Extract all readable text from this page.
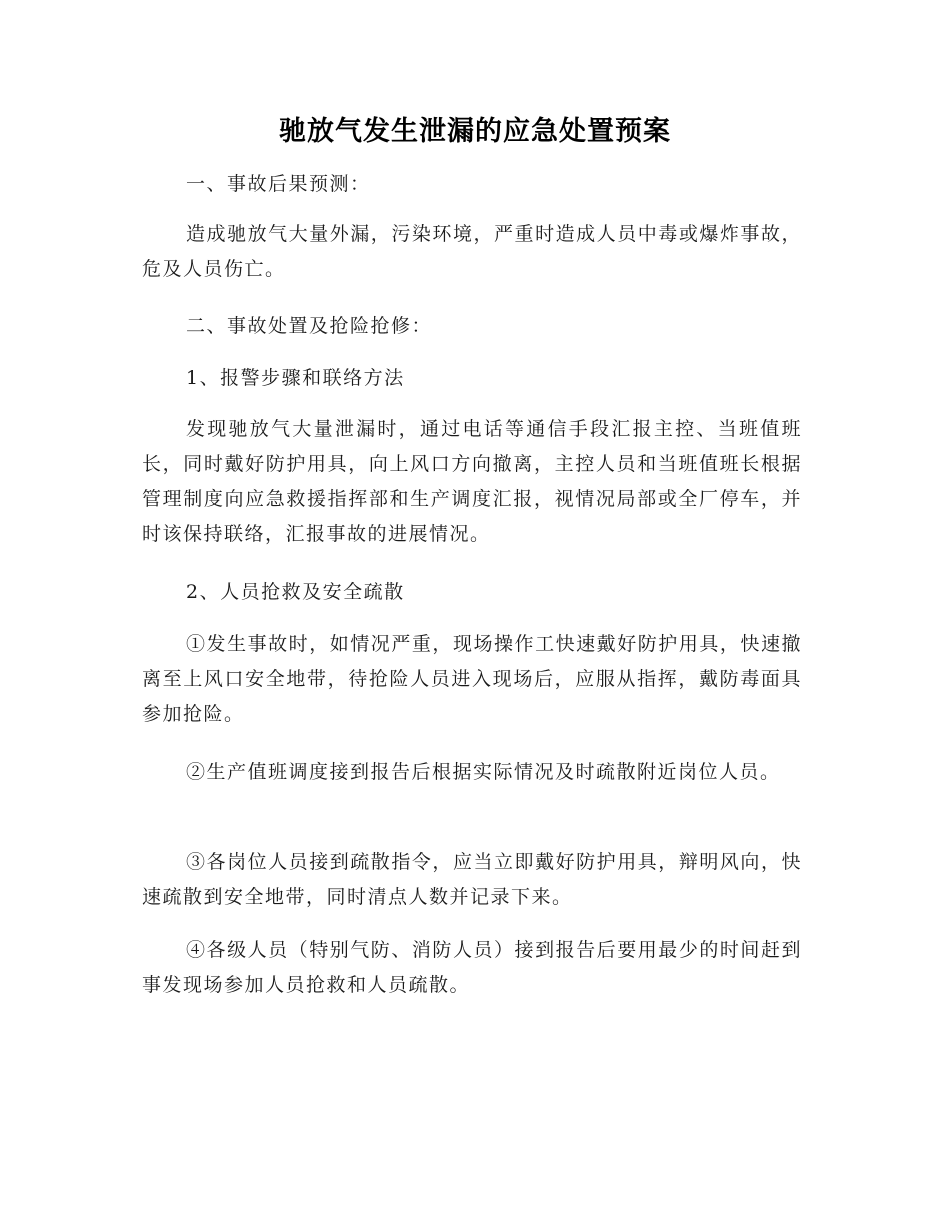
驰放气发生泄漏的应急处置预案

一、事故后果预测：

造成驰放气大量外漏，污染环境，严重时造成人员中毒或爆炸事故，危及人员伤亡。

二、事故处置及抢险抢修：

1、报警步骤和联络方法

发现驰放气大量泄漏时，通过电话等通信手段汇报主控、当班值班长，同时戴好防护用具，向上风口方向撤离，主控人员和当班值班长根据管理制度向应急救援指挥部和生产调度汇报，视情况局部或全厂停车，并时该保持联络，汇报事故的进展情况。

2、人员抢救及安全疏散

①发生事故时，如情况严重，现场操作工快速戴好防护用具，快速撤离至上风口安全地带，待抢险人员进入现场后，应服从指挥，戴防毒面具参加抢险。

②生产值班调度接到报告后根据实际情况及时疏散附近岗位人员。

③各岗位人员接到疏散指令，应当立即戴好防护用具，辩明风向，快速疏散到安全地带，同时清点人数并记录下来。

④各级人员（特别气防、消防人员）接到报告后要用最少的时间赶到事发现场参加人员抢救和人员疏散。
